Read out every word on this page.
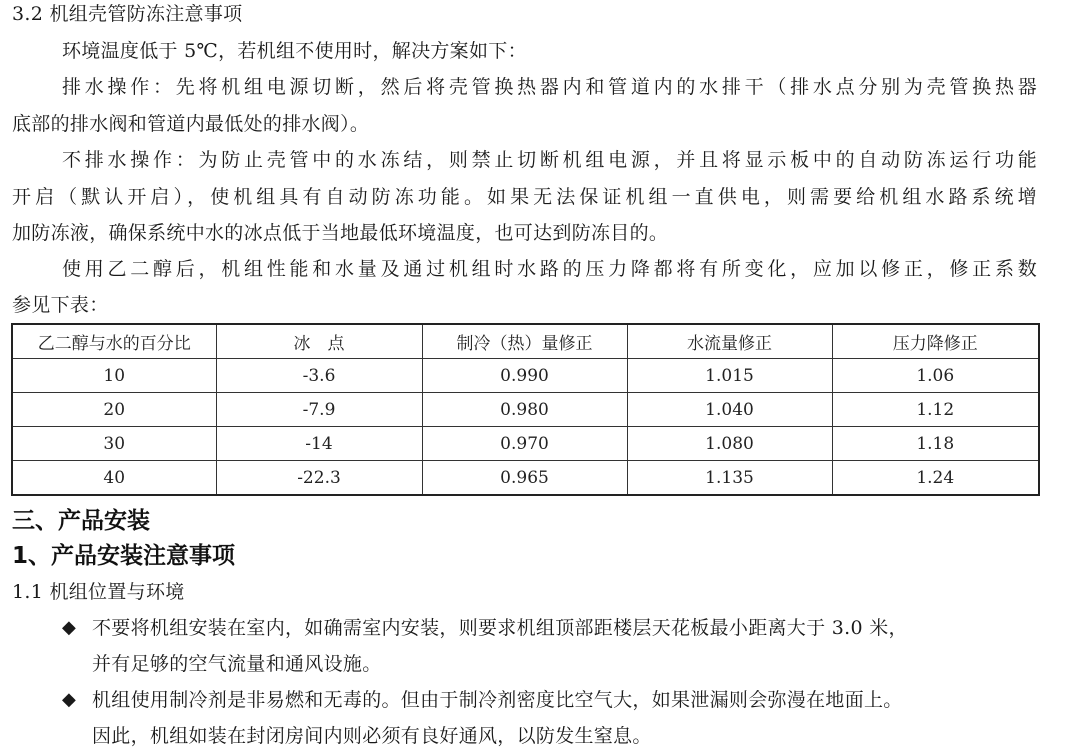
3.2 机组壳管防冻注意事项
环境温度低于 5℃，若机组不使用时，解决方案如下：
排水操作：先将机组电源切断，然后将壳管换热器内和管道内的水排干（排水点分别为壳管换热器
底部的排水阀和管道内最低处的排水阀）。
不排水操作：为防止壳管中的水冻结，则禁止切断机组电源，并且将显示板中的自动防冻运行功能
开启（默认开启），使机组具有自动防冻功能。如果无法保证机组一直供电，则需要给机组水路系统增
加防冻液，确保系统中水的冰点低于当地最低环境温度，也可达到防冻目的。
使用乙二醇后，机组性能和水量及通过机组时水路的压力降都将有所变化，应加以修正，修正系数
参见下表：
乙二醇与水的百分比	冰　点	制冷（热）量修正	水流量修正	压力降修正
10	-3.6	0.990	1.015	1.06
20	-7.9	0.980	1.040	1.12
30	-14	0.970	1.080	1.18
40	-22.3	0.965	1.135	1.24
三、产品安装
1、产品安装注意事项
1.1 机组位置与环境
◆ 不要将机组安装在室内，如确需室内安装，则要求机组顶部距楼层天花板最小距离大于 3.0 米，
并有足够的空气流量和通风设施。
◆ 机组使用制冷剂是非易燃和无毒的。但由于制冷剂密度比空气大，如果泄漏则会弥漫在地面上。
因此，机组如装在封闭房间内则必须有良好通风，以防发生窒息。
